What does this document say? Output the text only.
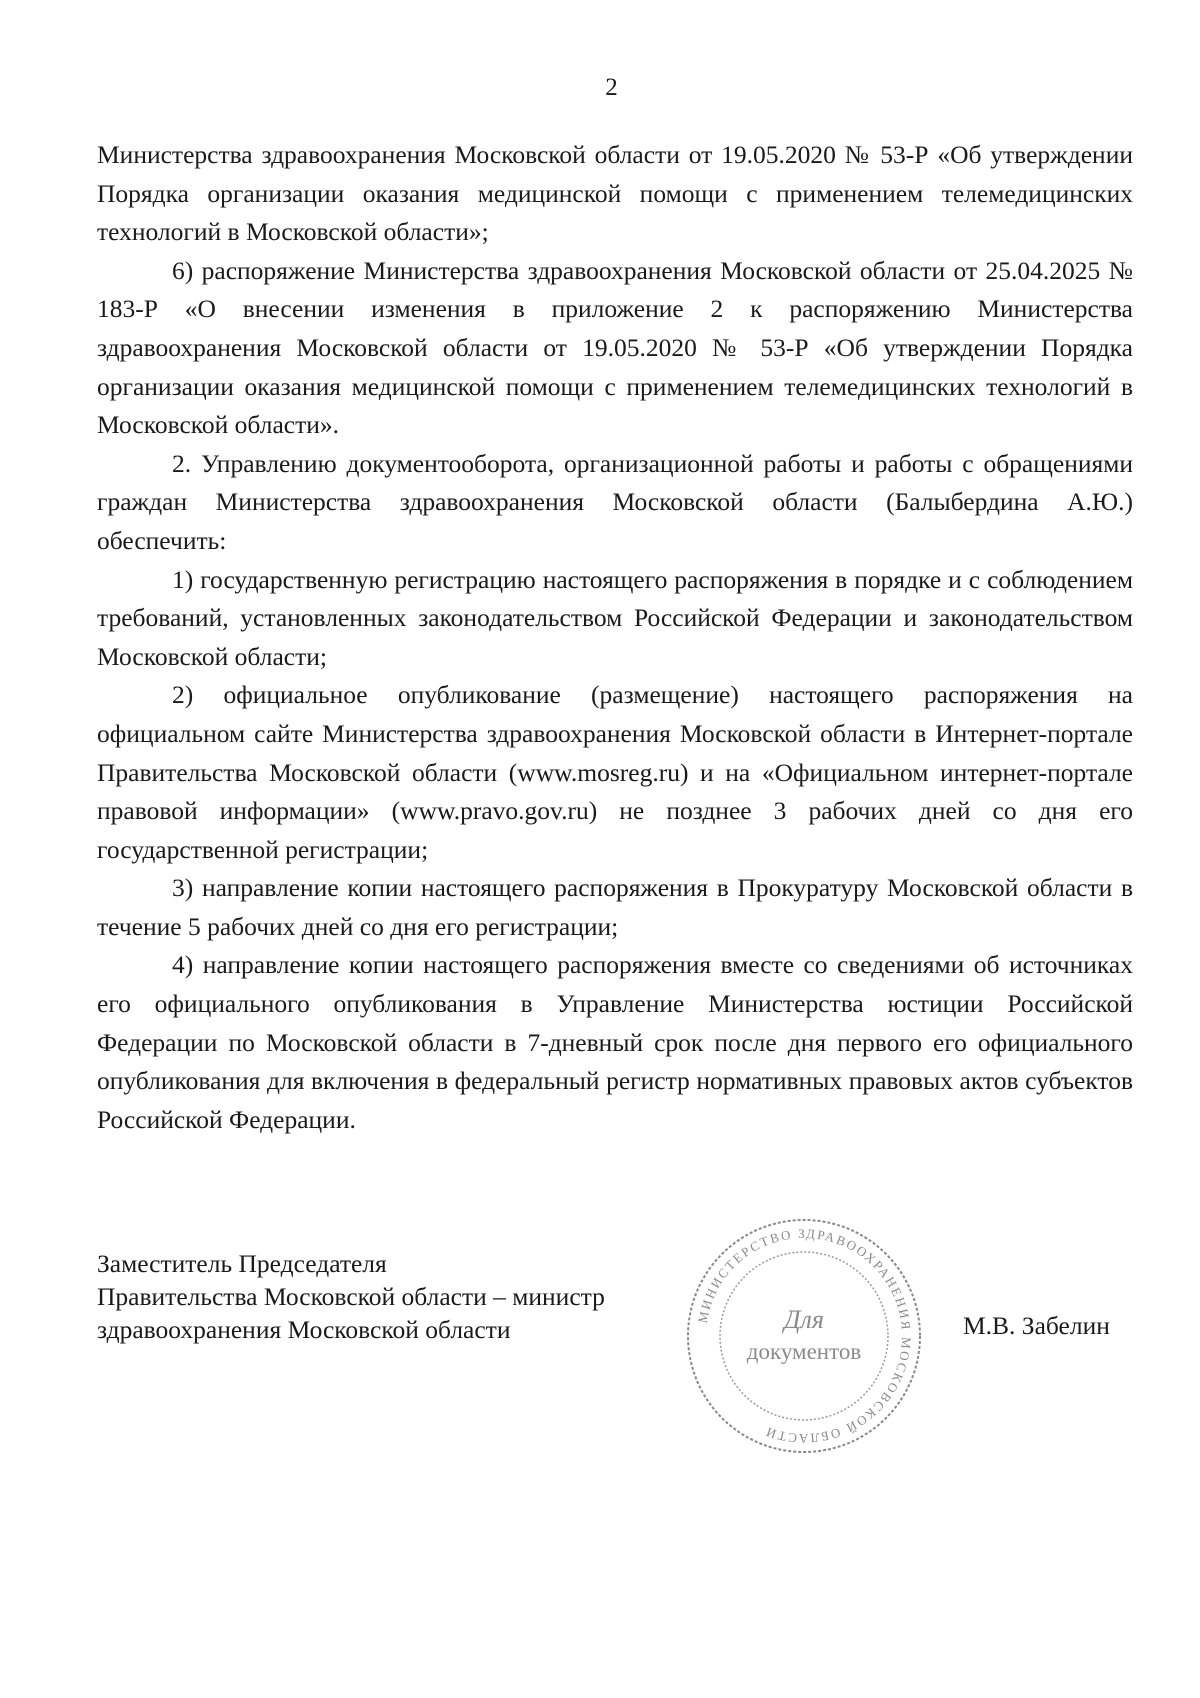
2

Министерства здравоохранения Московской области от 19.05.2020 № 53-Р «Об утверждении Порядка организации оказания медицинской помощи с применением телемедицинских технологий в Московской области»;

6) распоряжение Министерства здравоохранения Московской области от 25.04.2025 № 183-Р «О внесении изменения в приложение 2 к распоряжению Министерства здравоохранения Московской области от 19.05.2020 № 53-Р «Об утверждении Порядка организации оказания медицинской помощи с применением телемедицинских технологий в Московской области».

2. Управлению документооборота, организационной работы и работы с обращениями граждан Министерства здравоохранения Московской области (Балыбердина А.Ю.) обеспечить:

1) государственную регистрацию настоящего распоряжения в порядке и с соблюдением требований, установленных законодательством Российской Федерации и законодательством Московской области;

2) официальное опубликование (размещение) настоящего распоряжения на официальном сайте Министерства здравоохранения Московской области в Интернет-портале Правительства Московской области (www.mosreg.ru) и на «Официальном интернет-портале правовой информации» (www.pravo.gov.ru) не позднее 3 рабочих дней со дня его государственной регистрации;

3) направление копии настоящего распоряжения в Прокуратуру Московской области в течение 5 рабочих дней со дня его регистрации;

4) направление копии настоящего распоряжения вместе со сведениями об источниках его официального опубликования в Управление Министерства юстиции Российской Федерации по Московской области в 7-дневный срок после дня первого его официального опубликования для включения в федеральный регистр нормативных правовых актов субъектов Российской Федерации.

Заместитель Председателя
Правительства Московской области – министр
здравоохранения Московской области	МИНИСТЕРСТВО ЗДРАВООХРАНЕНИЯ МОСКОВСКОЙ ОБЛАСТИ
Для
документов
М.В. Забелин
